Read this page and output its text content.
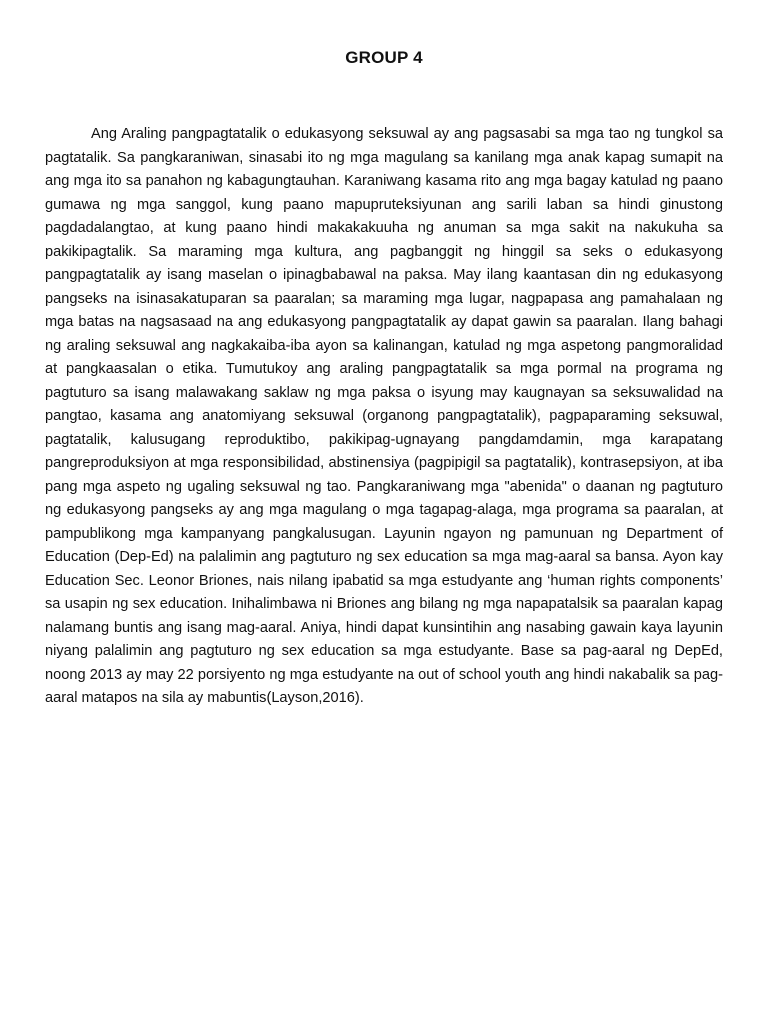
GROUP 4

Ang Araling pangpagtatalik o edukasyong seksuwal ay ang pagsasabi sa mga tao ng tungkol sa pagtatalik. Sa pangkaraniwan, sinasabi ito ng mga magulang sa kanilang mga anak kapag sumapit na ang mga ito sa panahon ng kabagungtauhan. Karaniwang kasama rito ang mga bagay katulad ng paano gumawa ng mga sanggol, kung paano mapupruteksiyunan ang sarili laban sa hindi ginustong pagdadalangtao, at kung paano hindi makakakuuha ng anuman sa mga sakit na nakukuha sa pakikipagtalik. Sa maraming mga kultura, ang pagbanggit ng hinggil sa seks o edukasyong pangpagtatalik ay isang maselan o ipinagbabawal na paksa. May ilang kaantasan din ng edukasyong pangseks na isinasakatuparan sa paaralan; sa maraming mga lugar, nagpapasa ang pamahalaan ng mga batas na nagsasaad na ang edukasyong pangpagtatalik ay dapat gawin sa paaralan. Ilang bahagi ng araling seksuwal ang nagkakaiba-iba ayon sa kalinangan, katulad ng mga aspetong pangmoralidad at pangkaasalan o etika. Tumutukoy ang araling pangpagtatalik sa mga pormal na programa ng pagtuturo sa isang malawakang saklaw ng mga paksa o isyung may kaugnayan sa seksuwalidad na pangtao, kasama ang anatomiyang seksuwal (organong pangpagtatalik), pagpaparaming seksuwal, pagtatalik, kalusugang reproduktibo, pakikipag-ugnayang pangdamdamin, mga karapatang pangreproduksiyon at mga responsibilidad, abstinensiya (pagpipigil sa pagtatalik), kontrasepsiyon, at iba pang mga aspeto ng ugaling seksuwal ng tao. Pangkaraniwang mga "abenida" o daanan ng pagtuturo ng edukasyong pangseks ay ang mga magulang o mga tagapag-alaga, mga programa sa paaralan, at pampublikong mga kampanyang pangkalusugan. Layunin ngayon ng pamunuan ng Department of Education (Dep-Ed) na palalimin ang pagtuturo ng sex education sa mga mag-aaral sa bansa. Ayon kay Education Sec. Leonor Briones, nais nilang ipabatid sa mga estudyante ang ‘human rights components’ sa usapin ng sex education. Inihalimbawa ni Briones ang bilang ng mga napapatalsik sa paaralan kapag nalamang buntis ang isang mag-aaral. Aniya, hindi dapat kunsintihin ang nasabing gawain kaya layunin niyang palalimin ang pagtuturo ng sex education sa mga estudyante. Base sa pag-aaral ng DepEd, noong 2013 ay may 22 porsiyento ng mga estudyante na out of school youth ang hindi nakabalik sa pag-aaral matapos na sila ay mabuntis(Layson,2016).
